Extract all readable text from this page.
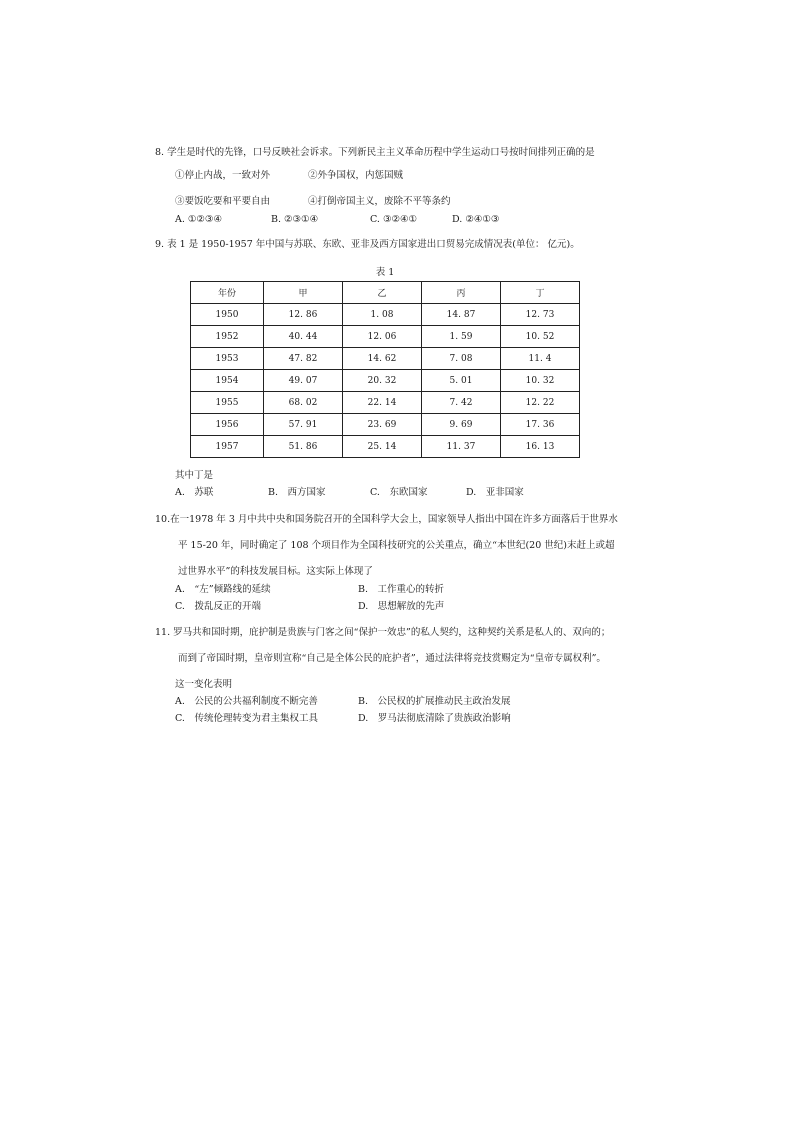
8. 学生是时代的先锋，口号反映社会诉求。下列新民主主义革命历程中学生运动口号按时间排列正确的是
①停止内战，一致对外	②外争国权，内惩国贼
③要饭吃要和平要自由	④打倒帝国主义，废除不平等条约
A. ①②③④	B. ②③①④	C. ③②④①	D. ②④①③
9. 表 1 是 1950-1957 年中国与苏联、东欧、亚非及西方国家进出口贸易完成情况表(单位： 亿元)。
表 1
年份	甲	乙	丙	丁
1950	12. 86	1. 08	14. 87	12. 73
1952	40. 44	12. 06	1. 59	10. 52
1953	47. 82	14. 62	7. 08	11. 4
1954	49. 07	20. 32	5. 01	10. 32
1955	68. 02	22. 14	7. 42	12. 22
1956	57. 91	23. 69	9. 69	17. 36
1957	51. 86	25. 14	11. 37	16. 13
其中丁是
A.　苏联	B.　西方国家	C.　东欧国家	D.　亚非国家
10.在一1978 年 3 月中共中央和国务院召开的全国科学大会上，国家领导人指出中国在许多方面落后于世界水
平 15-20 年，同时确定了 108 个项目作为全国科技研究的公关重点，确立“本世纪(20 世纪)末赶上或超
过世界水平”的科技发展目标。这实际上体现了
A.　“左”倾路线的延续	B.　工作重心的转折
C.　拨乱反正的开端	D.　思想解放的先声
11. 罗马共和国时期，庇护制是贵族与门客之间“保护一效忠”的私人契约，这种契约关系是私人的、双向的；
而到了帝国时期，皇帝则宣称“自己是全体公民的庇护者”，通过法律将竞技赏赐定为“皇帝专属权利”。
这一变化表明
A.　公民的公共福利制度不断完善	B.　公民权的扩展推动民主政治发展
C.　传统伦理转变为君主集权工具	D.　罗马法彻底清除了贵族政治影响
